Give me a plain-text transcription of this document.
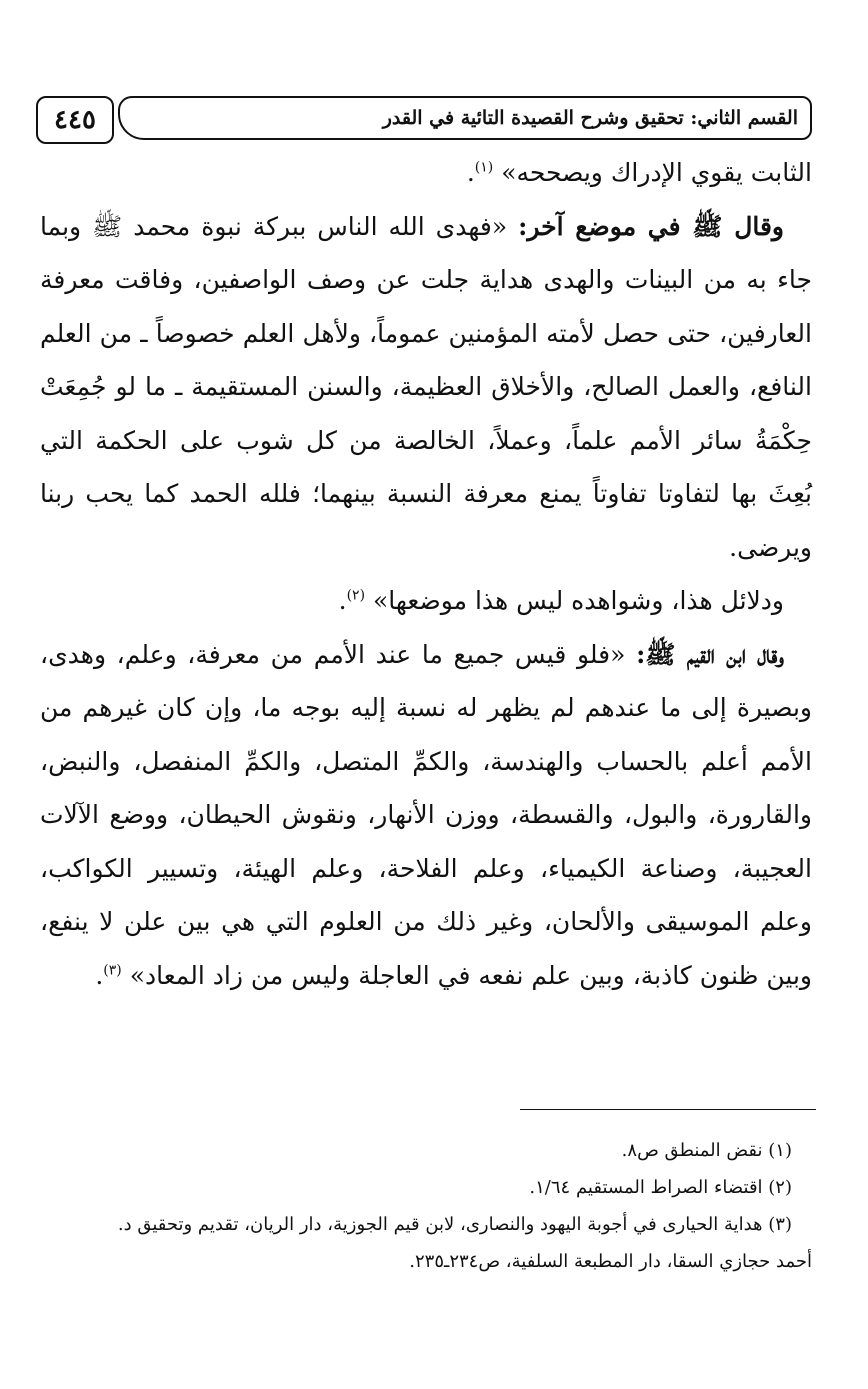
٤٤٥	القسم الثاني: تحقيق وشرح القصيدة التائية في القدر

الثابت يقوي الإدراك ويصححه» $^{(١)}$.

وقال ﷺ في موضع آخر: «فهدى الله الناس ببركة نبوة محمد ﷺ وبما جاء به من البينات والهدى هداية جلت عن وصف الواصفين، وفاقت معرفة العارفين، حتى حصل لأمته المؤمنين عموماً، ولأهل العلم خصوصاً ـ من العلم النافع، والعمل الصالح، والأخلاق العظيمة، والسنن المستقيمة ـ ما لو جُمِعَتْ حِكْمَةُ سائر الأمم علماً، وعملاً، الخالصة من كل شوب على الحكمة التي بُعِثَ بها لتفاوتا تفاوتاً يمنع معرفة النسبة بينهما؛ فلله الحمد كما يحب ربنا ويرضى.

ودلائل هذا، وشواهده ليس هذا موضعها» $^{(٢)}$.

وقال ابن القيم ﷺ: «فلو قيس جميع ما عند الأمم من معرفة، وعلم، وهدى، وبصيرة إلى ما عندهم لم يظهر له نسبة إليه بوجه ما، وإن كان غيرهم من الأمم أعلم بالحساب والهندسة، والكمِّ المتصل، والكمِّ المنفصل، والنبض، والقارورة، والبول، والقسطة، ووزن الأنهار، ونقوش الحيطان، ووضع الآلات العجيبة، وصناعة الكيمياء، وعلم الفلاحة، وعلم الهيئة، وتسيير الكواكب، وعلم الموسيقى والألحان، وغير ذلك من العلوم التي هي بين علن لا ينفع، وبين ظنون كاذبة، وبين علم نفعه في العاجلة وليس من زاد المعاد» $^{(٣)}$.

(١) نقض المنطق ص٨.

(٢) اقتضاء الصراط المستقيم ١/٦٤.

(٣) هداية الحيارى في أجوبة اليهود والنصارى، لابن قيم الجوزية، دار الريان، تقديم وتحقيق د.

أحمد حجازي السقا، دار المطبعة السلفية، ص٢٣٤ـ٢٣٥.
